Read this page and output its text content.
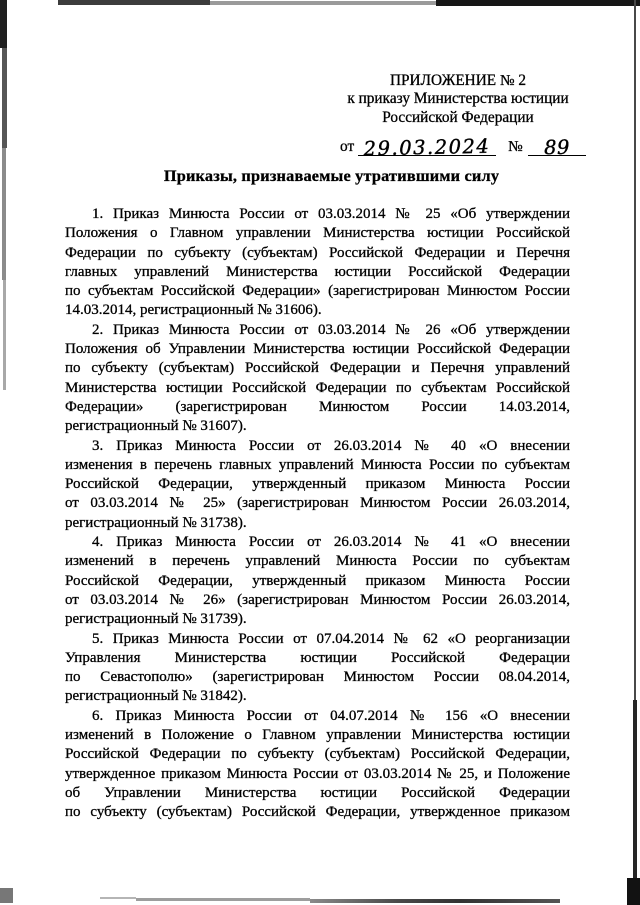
ПРИЛОЖЕНИЕ № 2
к приказу Министерства юстиции
Российской Федерации
от 29.03.2024	№	89
Приказы, признаваемые утратившими силу
1. Приказ Минюста России от 03.03.2014 № 25 «Об утверждении
Положения о Главном управлении Министерства юстиции Российской
Федерации по субъекту (субъектам) Российской Федерации и Перечня
главных управлений Министерства юстиции Российской Федерации
по субъектам Российской Федерации» (зарегистрирован Минюстом России
14.03.2014, регистрационный № 31606).
2. Приказ Минюста России от 03.03.2014 № 26 «Об утверждении
Положения об Управлении Министерства юстиции Российской Федерации
по субъекту (субъектам) Российской Федерации и Перечня управлений
Министерства юстиции Российской Федерации по субъектам Российской
Федерации» (зарегистрирован Минюстом России 14.03.2014,
регистрационный № 31607).
3. Приказ Минюста России от 26.03.2014 № 40 «О внесении
изменения в перечень главных управлений Минюста России по субъектам
Российской Федерации, утвержденный приказом Минюста России
от 03.03.2014 № 25» (зарегистрирован Минюстом России 26.03.2014,
регистрационный № 31738).
4. Приказ Минюста России от 26.03.2014 № 41 «О внесении
изменений в перечень управлений Минюста России по субъектам
Российской Федерации, утвержденный приказом Минюста России
от 03.03.2014 № 26» (зарегистрирован Минюстом России 26.03.2014,
регистрационный № 31739).
5. Приказ Минюста России от 07.04.2014 № 62 «О реорганизации
Управления Министерства юстиции Российской Федерации
по Севастополю» (зарегистрирован Минюстом России 08.04.2014,
регистрационный № 31842).
6. Приказ Минюста России от 04.07.2014 № 156 «О внесении
изменений в Положение о Главном управлении Министерства юстиции
Российской Федерации по субъекту (субъектам) Российской Федерации,
утвержденное приказом Минюста России от 03.03.2014 № 25, и Положение
об Управлении Министерства юстиции Российской Федерации
по субъекту (субъектам) Российской Федерации, утвержденное приказом
